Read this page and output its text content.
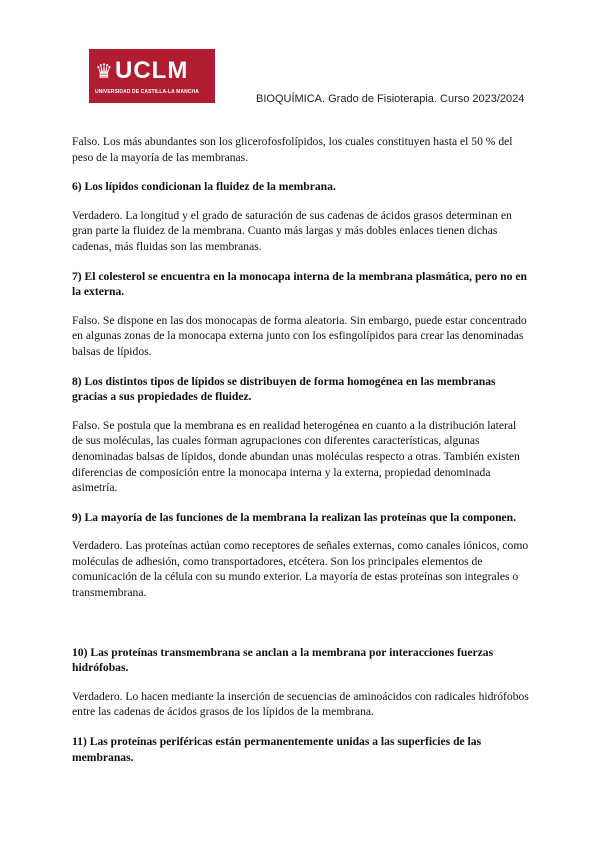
♛ UCLM
UNIVERSIDAD DE CASTILLA-LA MANCHA
BIOQUÍMICA. Grado de Fisioterapia. Curso 2023/2024

Falso. Los más abundantes son los glicerofosfolípidos, los cuales constituyen hasta el 50 % del peso de la mayoría de las membranas.

6) Los lípidos condicionan la fluidez de la membrana.

Verdadero. La longitud y el grado de saturación de sus cadenas de ácidos grasos determinan en gran parte la fluidez de la membrana. Cuanto más largas y más dobles enlaces tienen dichas cadenas, más fluidas son las membranas.

7) El colesterol se encuentra en la monocapa interna de la membrana plasmática, pero no en la externa.

Falso. Se dispone en las dos monocapas de forma aleatoria. Sin embargo, puede estar concentrado en algunas zonas de la monocapa externa junto con los esfingolípidos para crear las denominadas balsas de lípidos.

8) Los distintos tipos de lípidos se distribuyen de forma homogénea en las membranas gracias a sus propiedades de fluidez.

Falso. Se postula que la membrana es en realidad heterogénea en cuanto a la distribución lateral de sus moléculas, las cuales forman agrupaciones con diferentes características, algunas denominadas balsas de lípidos, donde abundan unas moléculas respecto a otras. También existen diferencias de composición entre la monocapa interna y la externa, propiedad denominada asimetría.

9) La mayoría de las funciones de la membrana la realizan las proteínas que la componen.

Verdadero. Las proteínas actúan como receptores de señales externas, como canales iónicos, como moléculas de adhesión, como transportadores, etcétera. Son los principales elementos de comunicación de la célula con su mundo exterior. La mayoría de estas proteínas son integrales o transmembrana.

10) Las proteínas transmembrana se anclan a la membrana por interacciones fuerzas hidrófobas.

Verdadero. Lo hacen mediante la inserción de secuencias de aminoácidos con radicales hidrófobos entre las cadenas de ácidos grasos de los lípidos de la membrana.

11) Las proteínas periféricas están permanentemente unidas a las superficies de las membranas.
